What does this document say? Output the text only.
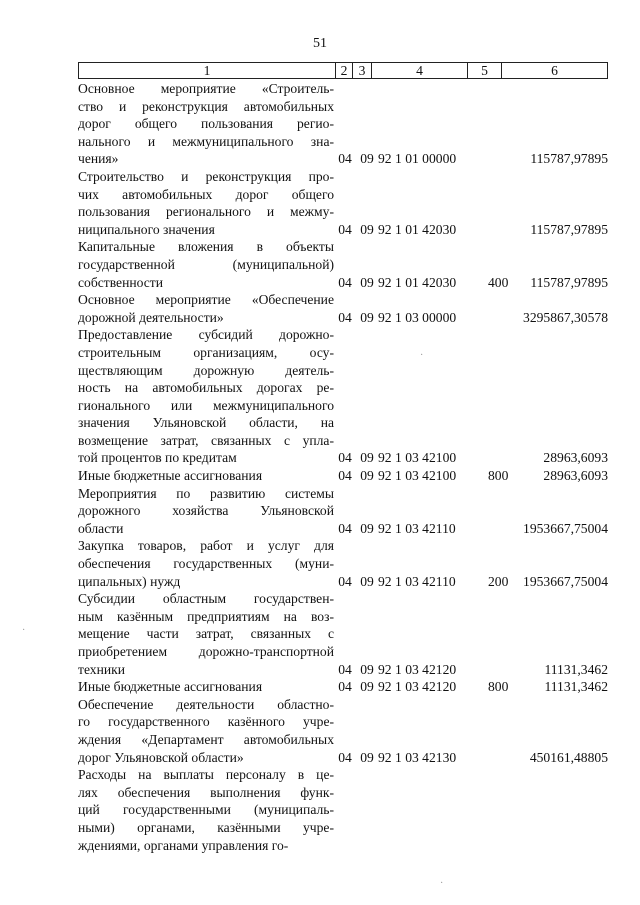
51
1	2 3	4	5	6
Основное мероприятие «Строитель-
ство и реконструкция автомобильных
дорог общего пользования регио-
нального и межмуниципального зна-
чения»	04 09 92 1 01 00000	115787,97895
Строительство и реконструкция про-
чих автомобильных дорог общего
пользования регионального и межму-
ниципального значения	04 09 92 1 01 42030	115787,97895
Капитальные вложения в объекты
государственной (муниципальной)
собственности	04 09 92 1 01 42030	400	115787,97895
Основное мероприятие «Обеспечение
дорожной деятельности»	04 09 92 1 03 00000	3295867,30578
Предоставление субсидий дорожно-
строительным организациям, осу-
ществляющим дорожную деятель-
ность на автомобильных дорогах ре-
гионального или межмуниципального
значения Ульяновской области, на
возмещение затрат, связанных с упла-
той процентов по кредитам	04 09 92 1 03 42100	28963,6093
Иные бюджетные ассигнования	04 09 92 1 03 42100	800	28963,6093
Мероприятия по развитию системы
дорожного хозяйства Ульяновской
области	04 09 92 1 03 42110	1953667,75004
Закупка товаров, работ и услуг для
обеспечения государственных (муни-
ципальных) нужд	04 09 92 1 03 42110	200	1953667,75004
Субсидии областным государствен-
ным казённым предприятиям на воз-
мещение части затрат, связанных с
приобретением дорожно-транспортной
техники	04 09 92 1 03 42120	11131,3462
Иные бюджетные ассигнования	04 09 92 1 03 42120	800	11131,3462
Обеспечение деятельности областно-
го государственного казённого учре-
ждения «Департамент автомобильных
дорог Ульяновской области»	04 09 92 1 03 42130	450161,48805
Расходы на выплаты персоналу в це-
лях обеспечения выполнения функ-
ций государственными (муниципаль-
ными) органами, казёнными учре-
ждениями, органами управления го-
·
·
·
